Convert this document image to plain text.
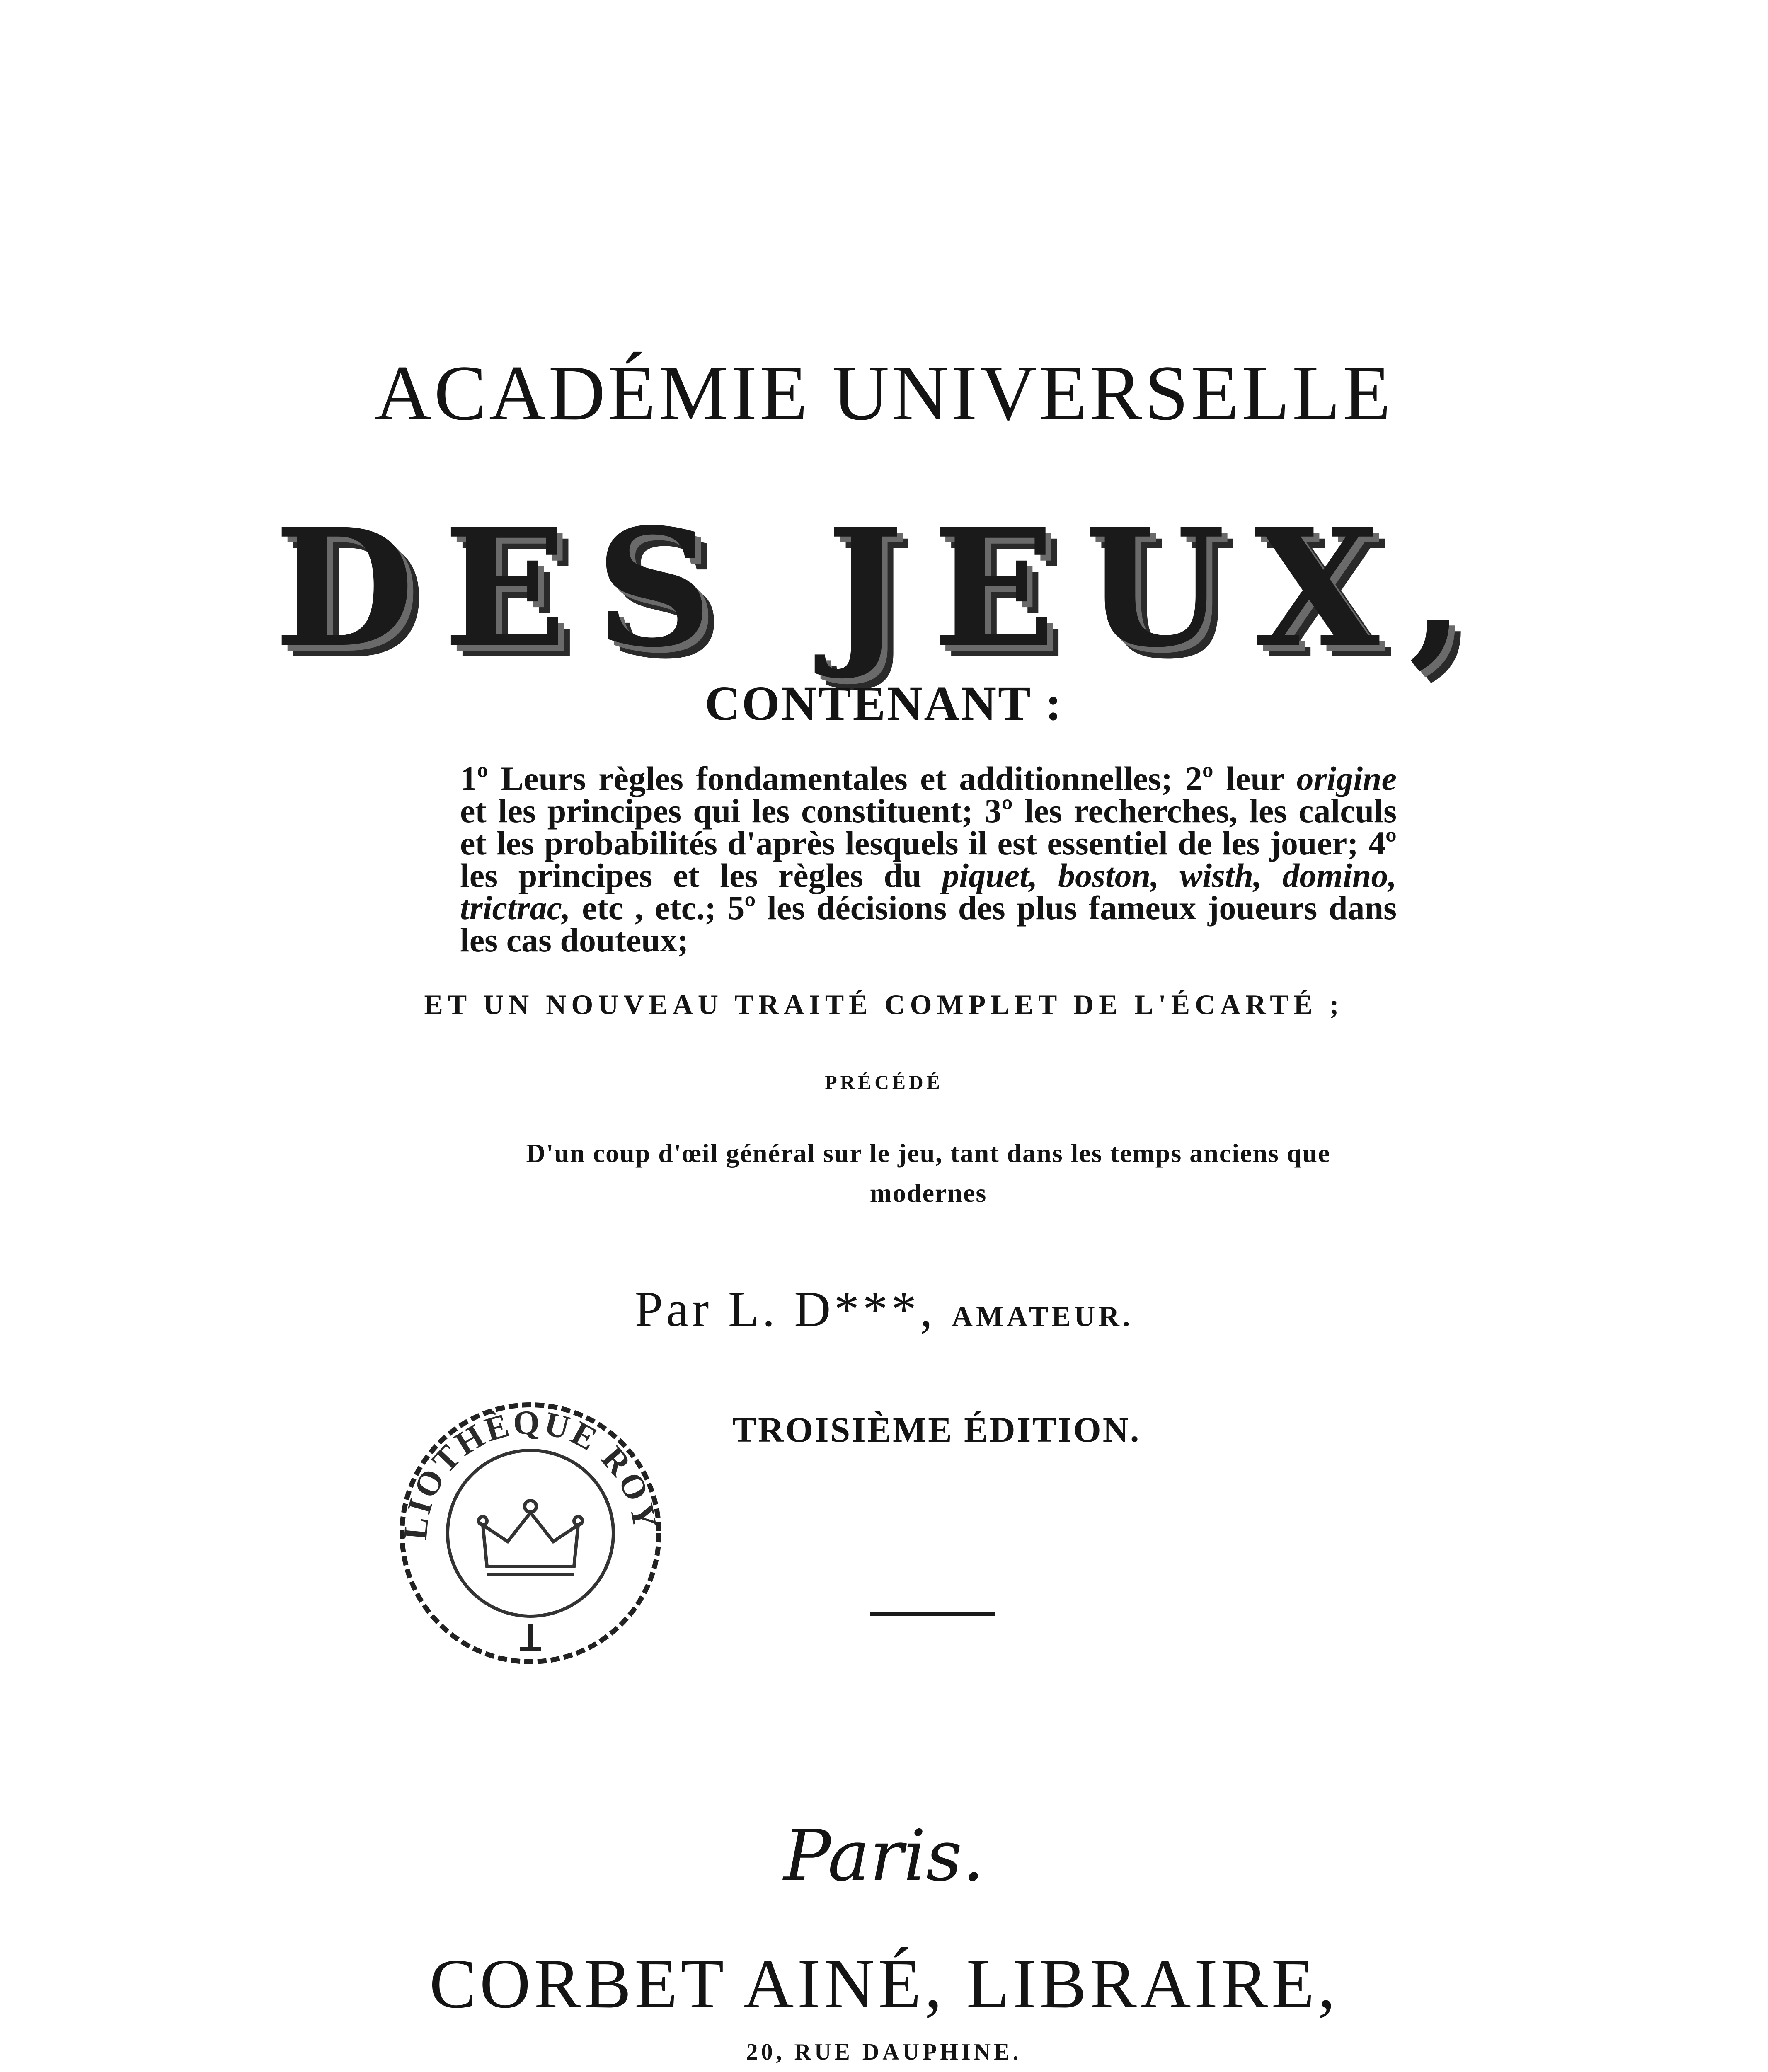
ACADÉMIE UNIVERSELLE
DES JEUX,
CONTENANT :
1º Leurs règles fondamentales et additionnelles; 2º leur origine et les principes qui les constituent; 3º les recherches, les calculs et les probabilités d'après lesquels il est essentiel de les jouer; 4º les principes et les règles du piquet, boston, wisth, domino, trictrac, etc , etc.; 5º les décisions des plus fameux joueurs dans les cas douteux;
ET UN NOUVEAU TRAITÉ COMPLET DE L'ÉCARTÉ ;
PRÉCÉDÉ
D'un coup d'œil général sur le jeu, tant dans les temps anciens que modernes
Par L. D***, AMATEUR.
TROISIÈME ÉDITION.
LIOTHÈQUE ROY
Paris.
CORBET AINÉ, LIBRAIRE,
20, RUE DAUPHINE.
